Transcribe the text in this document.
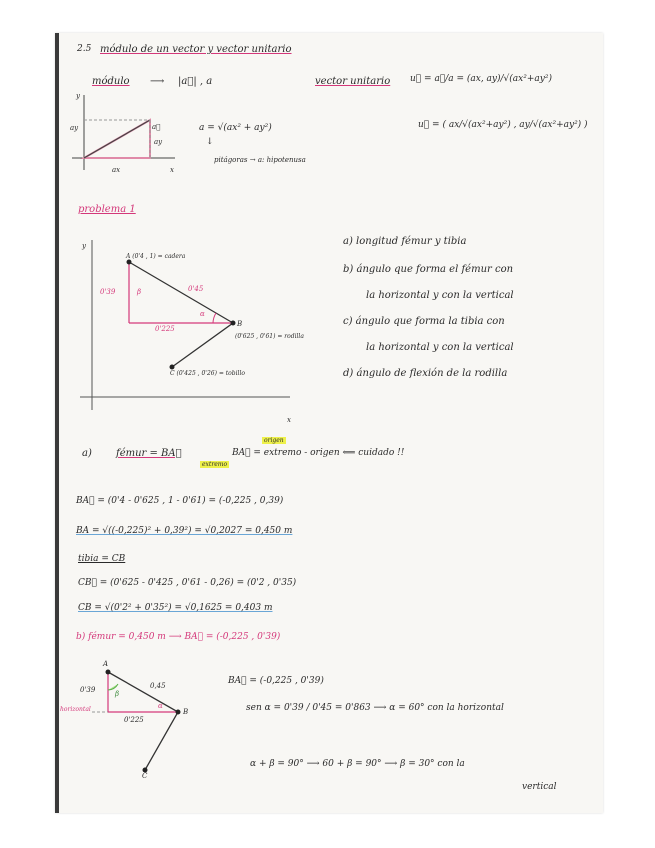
2.5 módulo de un vector y vector unitario
módulo ⟶ |a⃗| , a	vector unitario u⃗ = a⃗/a = (ax, ay)/√(ax²+ay²)
u⃗ = ( ax/√(ax²+ay²) , ay/√(ax²+ay²) )
y
ay	a⃗
ay
ax	x
a = √(ax² + ay²)
↓
pitágoras → a: hipotenusa
problema 1
y
x
A (0'4 , 1) = cadera
B
(0'625 , 0'61) = rodilla
C (0'425 , 0'26) = tobillo
0'39
0'225
0'45
β
α
a) longitud fémur y tibia
b) ángulo que forma el fémur con
la horizontal y con la vertical
c) ángulo que forma la tibia con
la horizontal y con la vertical
d) ángulo de flexión de la rodilla
a) fémur = BA⃗	BA⃗ = extremo - origen ⟸ cuidado !!
origen
extremo
BA⃗ = (0'4 - 0'625 , 1 - 0'61) = (-0,225 , 0,39)
BA = √((-0,225)² + 0,39²) = √0,2027 = 0,450 m
tibia = CB
CB⃗ = (0'625 - 0'425 , 0'61 - 0,26) = (0'2 , 0'35)
CB = √(0'2² + 0'35²) = √0,1625 = 0,403 m
b) fémur = 0,450 m ⟶ BA⃗ = (-0,225 , 0'39)
A
B
C
0'39
0'225
0,45
horizontal	α
β
BA⃗ = (-0,225 , 0'39)
sen α = 0'39 / 0'45 = 0'863 ⟶ α = 60° con la horizontal
α + β = 90° ⟶ 60 + β = 90° ⟶ β = 30° con la
vertical
